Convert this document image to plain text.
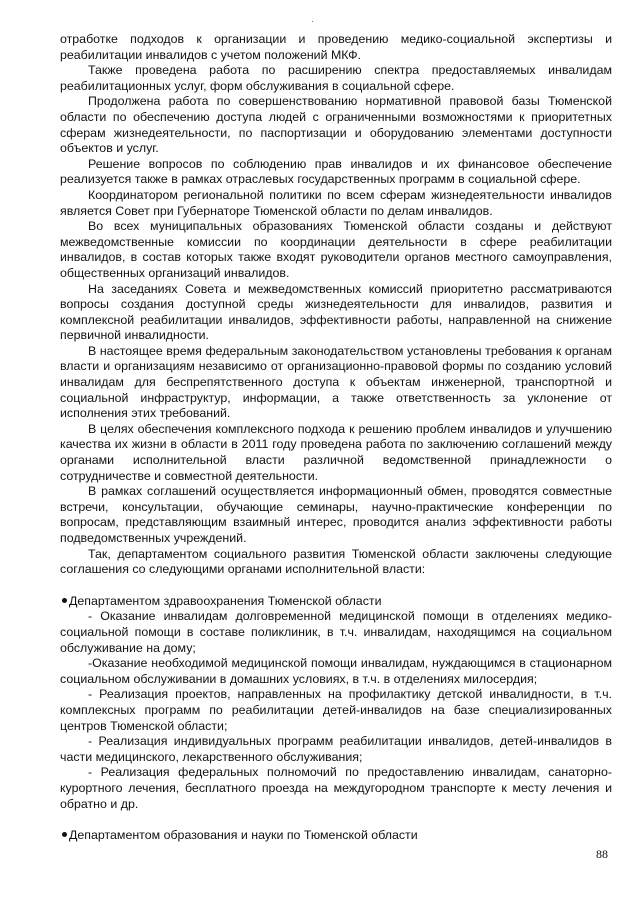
·

отработке подходов к организации и проведению медико-социальной экспертизы и реабилитации инвалидов с учетом положений МКФ.

Также проведена работа по расширению спектра предоставляемых инвалидам реабилитационных услуг, форм обслуживания в социальной сфере.

Продолжена работа по совершенствованию нормативной правовой базы Тюменской области по обеспечению доступа людей с ограниченными возможностями к приоритетных сферам жизнедеятельности, по паспортизации и оборудованию элементами доступности объектов и услуг.

Решение вопросов по соблюдению прав инвалидов и их финансовое обеспечение реализуется также в рамках отраслевых государственных программ в социальной сфере.

Координатором региональной политики по всем сферам жизнедеятельности инвалидов является Совет при Губернаторе Тюменской области по делам инвалидов.

Во всех муниципальных образованиях Тюменской области созданы и действуют межведомственные комиссии по координации деятельности в сфере реабилитации инвалидов, в состав которых также входят руководители органов местного самоуправления, общественных организаций инвалидов.

На заседаниях Совета и межведомственных комиссий приоритетно рассматриваются вопросы создания доступной среды жизнедеятельности для инвалидов, развития и комплексной реабилитации инвалидов, эффективности работы, направленной на снижение первичной инвалидности.

В настоящее время федеральным законодательством установлены требования к органам власти и организациям независимо от организационно-правовой формы по созданию условий инвалидам для беспрепятственного доступа к объектам инженерной, транспортной и социальной инфраструктур, информации, а также ответственность за уклонение от исполнения этих требований.

В целях обеспечения комплексного подхода к решению проблем инвалидов и улучшению качества их жизни в области в 2011 году проведена работа по заключению соглашений между органами исполнительной власти различной ведомственной принадлежности о сотрудничестве и совместной деятельности.

В рамках соглашений осуществляется информационный обмен, проводятся совместные встречи, консультации, обучающие семинары, научно-практические конференции по вопросам, представляющим взаимный интерес, проводится анализ эффективности работы подведомственных учреждений.

Так, департаментом социального развития Тюменской области заключены следующие соглашения со следующими органами исполнительной власти:

Департаментом здравоохранения Тюменской области

- Оказание инвалидам долговременной медицинской помощи в отделениях медико-социальной помощи в составе поликлиник, в т.ч. инвалидам, находящимся на социальном обслуживание на дому;

-Оказание необходимой медицинской помощи инвалидам, нуждающимся в стационарном социальном обслуживании в домашних условиях, в т.ч. в отделениях милосердия;

- Реализация проектов, направленных на профилактику детской инвалидности, в т.ч. комплексных программ по реабилитации детей-инвалидов на базе специализированных центров Тюменской области;

- Реализация индивидуальных программ реабилитации инвалидов, детей-инвалидов в части медицинского, лекарственного обслуживания;

- Реализация федеральных полномочий по предоставлению инвалидам, санаторно-курортного лечения, бесплатного проезда на междугородном транспорте к месту лечения и обратно и др.

Департаментом образования и науки по Тюменской области

88
